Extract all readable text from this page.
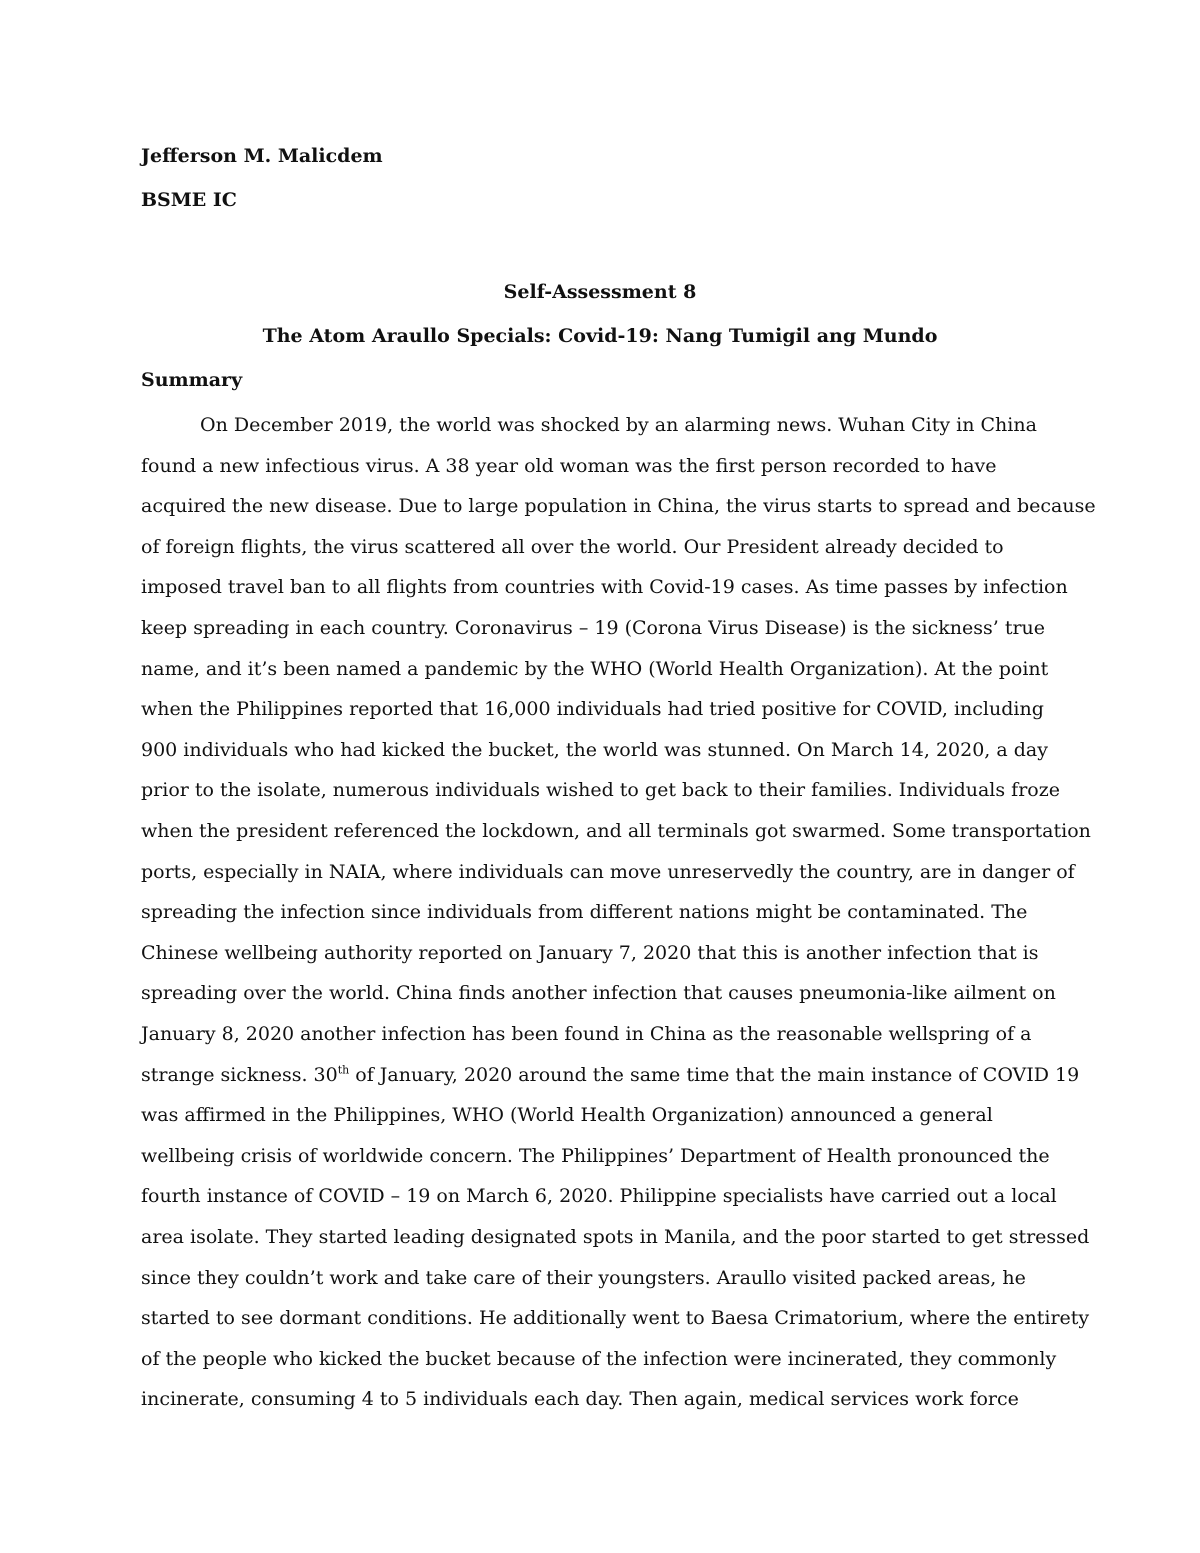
Jefferson M. Malicdem
BSME IC
Self-Assessment 8
The Atom Araullo Specials: Covid-19: Nang Tumigil ang Mundo
Summary
On December 2019, the world was shocked by an alarming news. Wuhan City in China
found a new infectious virus. A 38 year old woman was the first person recorded to have
acquired the new disease. Due to large population in China, the virus starts to spread and because
of foreign flights, the virus scattered all over the world. Our President already decided to
imposed travel ban to all flights from countries with Covid-19 cases. As time passes by infection
keep spreading in each country. Coronavirus – 19 (Corona Virus Disease) is the sickness’ true
name, and it’s been named a pandemic by the WHO (World Health Organization). At the point
when the Philippines reported that 16,000 individuals had tried positive for COVID, including
900 individuals who had kicked the bucket, the world was stunned. On March 14, 2020, a day
prior to the isolate, numerous individuals wished to get back to their families. Individuals froze
when the president referenced the lockdown, and all terminals got swarmed. Some transportation
ports, especially in NAIA, where individuals can move unreservedly the country, are in danger of
spreading the infection since individuals from different nations might be contaminated. The
Chinese wellbeing authority reported on January 7, 2020 that this is another infection that is
spreading over the world. China finds another infection that causes pneumonia-like ailment on
January 8, 2020 another infection has been found in China as the reasonable wellspring of a
strange sickness. 30th of January, 2020 around the same time that the main instance of COVID 19
was affirmed in the Philippines, WHO (World Health Organization) announced a general
wellbeing crisis of worldwide concern. The Philippines’ Department of Health pronounced the
fourth instance of COVID – 19 on March 6, 2020. Philippine specialists have carried out a local
area isolate. They started leading designated spots in Manila, and the poor started to get stressed
since they couldn’t work and take care of their youngsters. Araullo visited packed areas, he
started to see dormant conditions. He additionally went to Baesa Crimatorium, where the entirety
of the people who kicked the bucket because of the infection were incinerated, they commonly
incinerate, consuming 4 to 5 individuals each day. Then again, medical services work force
